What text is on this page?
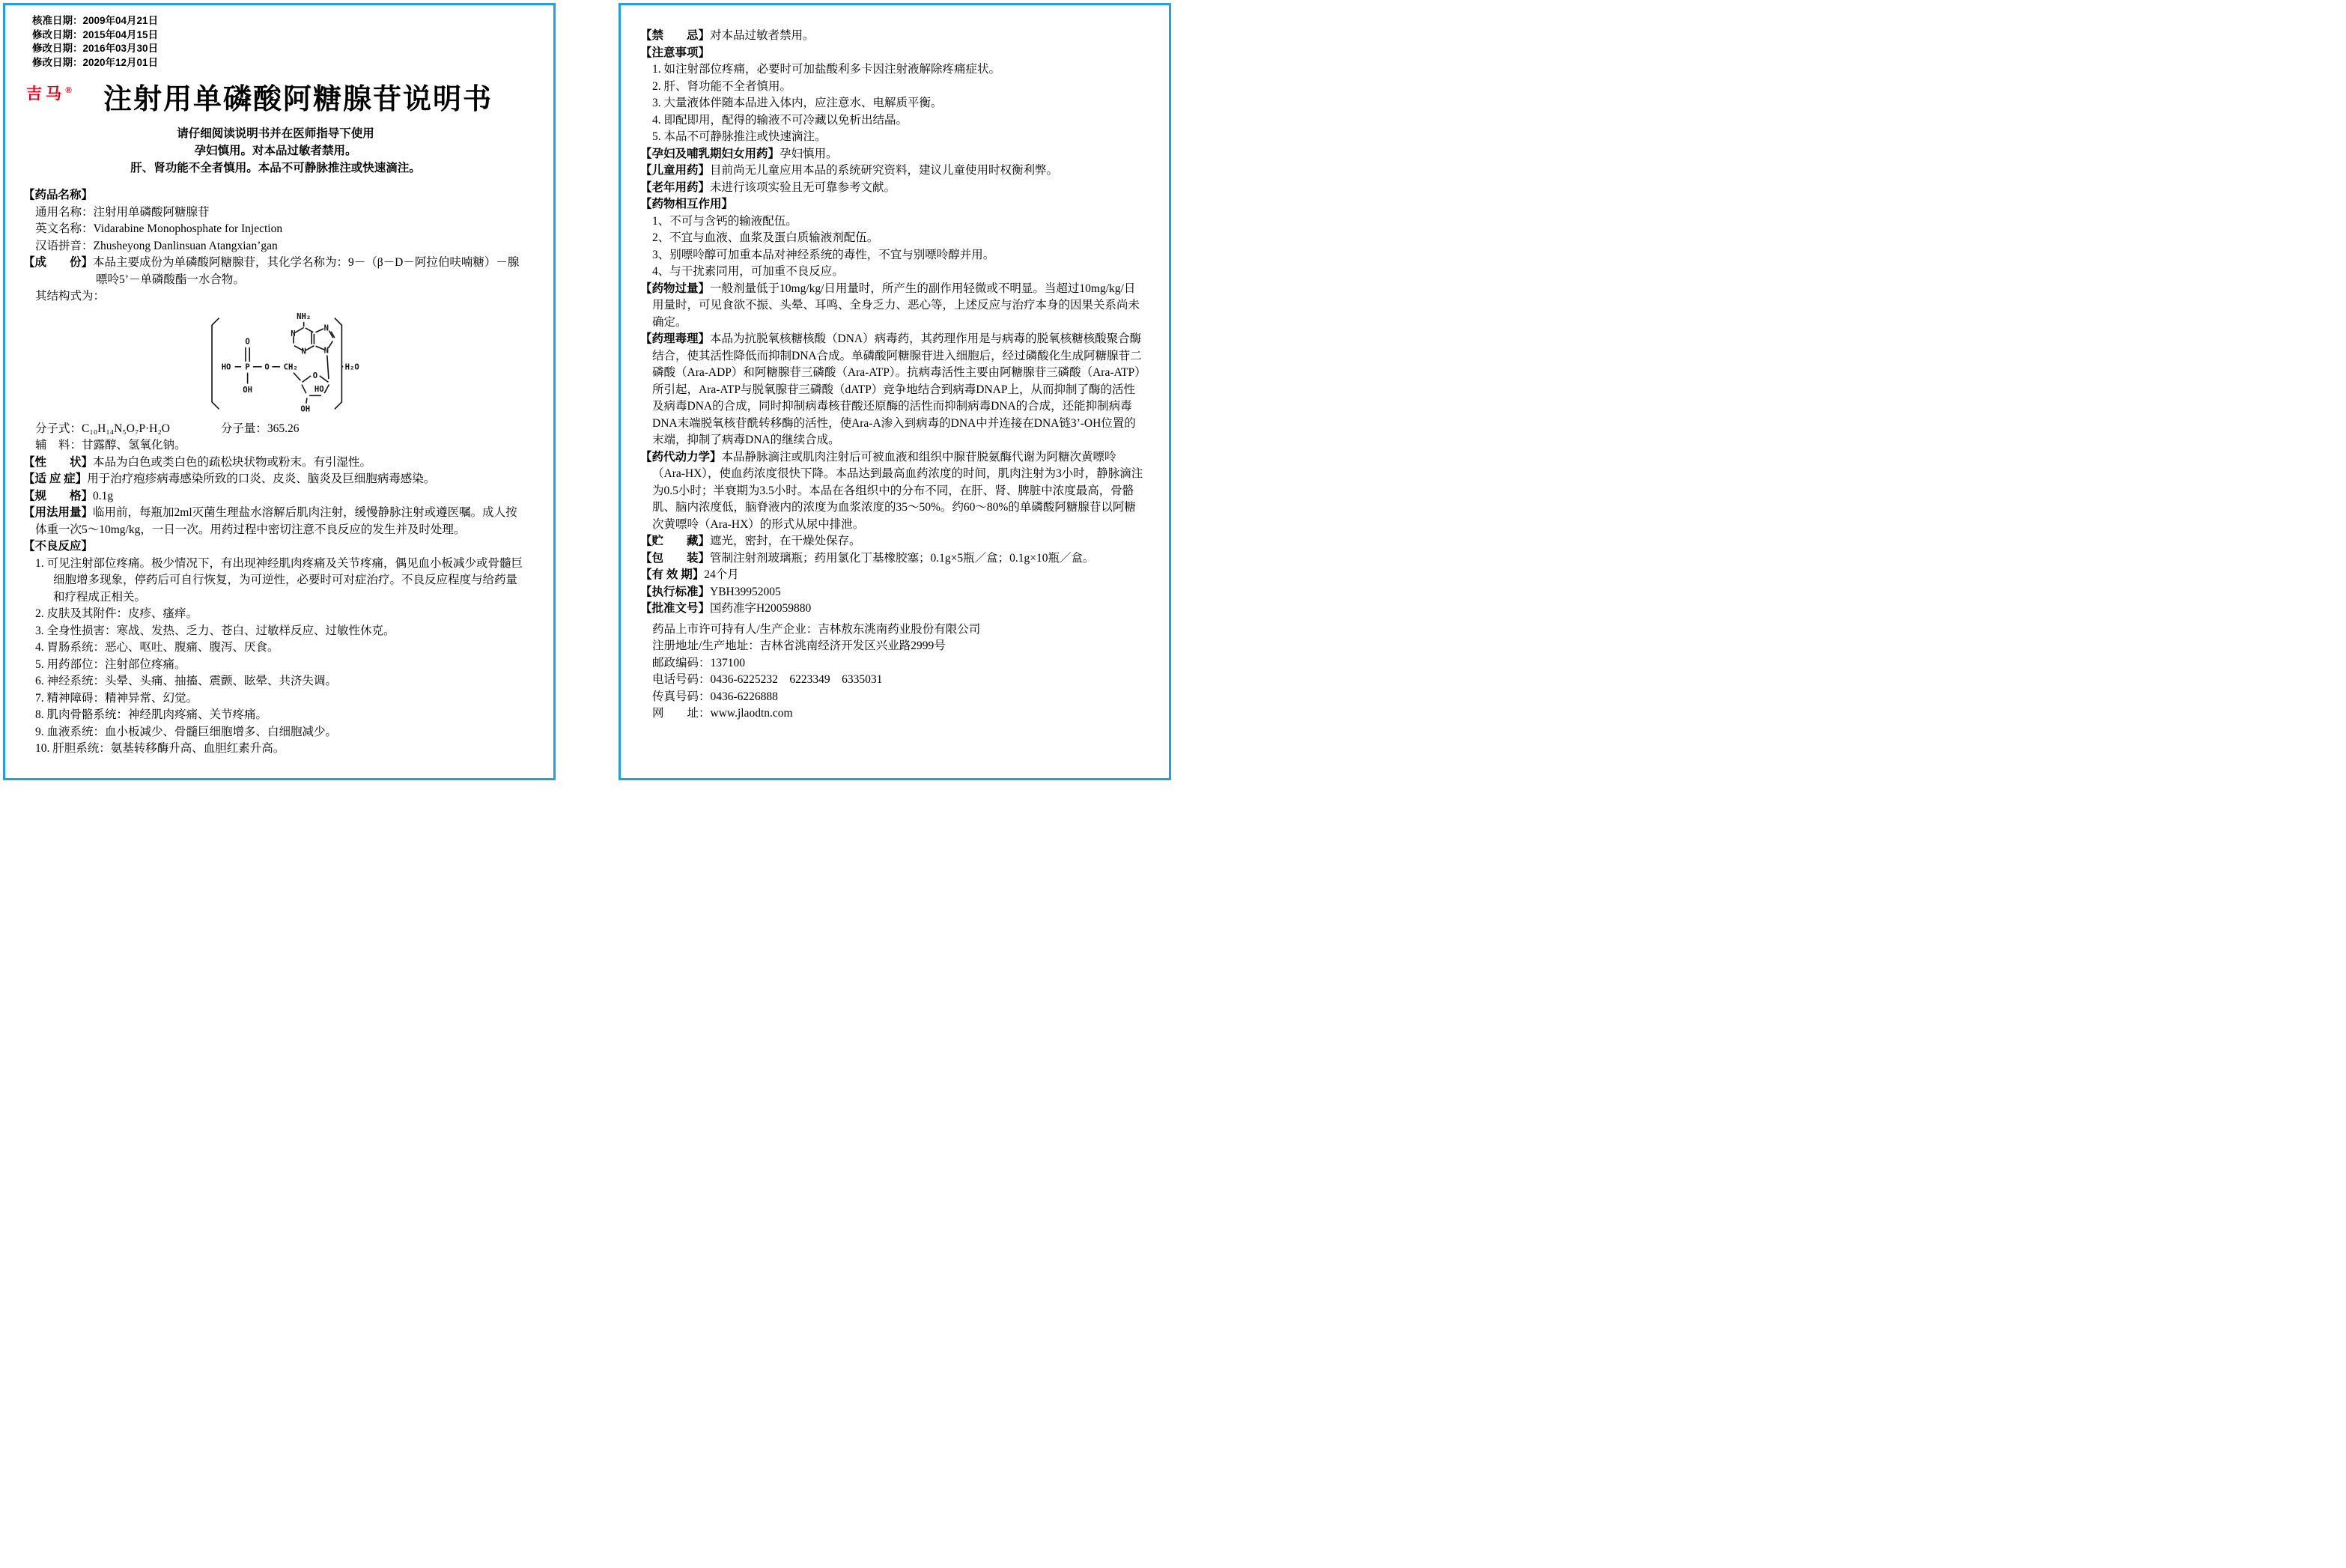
核准日期：2009年04月21日

修改日期：2015年04月15日

修改日期：2016年03月30日

修改日期：2020年12月01日

吉马®	注射用单磷酸阿糖腺苷说明书

请仔细阅读说明书并在医师指导下使用

孕妇慎用。对本品过敏者禁用。

肝、肾功能不全者慎用。本品不可静脉推注或快速滴注。

【药品名称】

通用名称：注射用单磷酸阿糖腺苷

英文名称：Vidarabine Monophosphate for Injection

汉语拼音：Zhusheyong Danlinsuan Atangxian’gan

【成　　份】本品主要成份为单磷酸阿糖腺苷，其化学名称为：9－（β－D－阿拉伯呋喃糖）－腺嘌呤5’－单磷酸酯一水合物。

其结构式为：

O
HO P O CH₂
OH
NH₂
N
N
N
N
O
HO
OH
·H₂O

分子式：C₁₀H₁₄N₅O₇P·H₂O	分子量：365.26

辅　料：甘露醇、氢氧化钠。

【性　　状】本品为白色或类白色的疏松块状物或粉末。有引湿性。

【适 应 症】用于治疗疱疹病毒感染所致的口炎、皮炎、脑炎及巨细胞病毒感染。

【规　　格】0.1g

【用法用量】临用前，每瓶加2ml灭菌生理盐水溶解后肌肉注射，缓慢静脉注射或遵医嘱。成人按体重一次5～10mg/kg，一日一次。用药过程中密切注意不良反应的发生并及时处理。

【不良反应】

1. 可见注射部位疼痛。极少情况下，有出现神经肌肉疼痛及关节疼痛，偶见血小板减少或骨髓巨细胞增多现象，停药后可自行恢复，为可逆性，必要时可对症治疗。不良反应程度与给药量和疗程成正相关。

2. 皮肤及其附件：皮疹、瘙痒。

3. 全身性损害：寒战、发热、乏力、苍白、过敏样反应、过敏性休克。

4. 胃肠系统：恶心、呕吐、腹痛、腹泻、厌食。

5. 用药部位：注射部位疼痛。

6. 神经系统：头晕、头痛、抽搐、震颤、眩晕、共济失调。

7. 精神障碍：精神异常、幻觉。

8. 肌肉骨骼系统：神经肌肉疼痛、关节疼痛。

9. 血液系统：血小板减少、骨髓巨细胞增多、白细胞减少。

10. 肝胆系统：氨基转移酶升高、血胆红素升高。

【禁　　忌】对本品过敏者禁用。

【注意事项】

1. 如注射部位疼痛，必要时可加盐酸利多卡因注射液解除疼痛症状。

2. 肝、肾功能不全者慎用。

3. 大量液体伴随本品进入体内，应注意水、电解质平衡。

4. 即配即用，配得的输液不可冷藏以免析出结晶。

5. 本品不可静脉推注或快速滴注。

【孕妇及哺乳期妇女用药】孕妇慎用。

【儿童用药】目前尚无儿童应用本品的系统研究资料，建议儿童使用时权衡利弊。

【老年用药】未进行该项实验且无可靠参考文献。

【药物相互作用】

1、不可与含钙的输液配伍。

2、不宜与血液、血浆及蛋白质输液剂配伍。

3、别嘌呤醇可加重本品对神经系统的毒性，不宜与别嘌呤醇并用。

4、与干扰素同用，可加重不良反应。

【药物过量】一般剂量低于10mg/kg/日用量时，所产生的副作用轻微或不明显。当超过10mg/kg/日用量时，可见食欲不振、头晕、耳鸣、全身乏力、恶心等，上述反应与治疗本身的因果关系尚未确定。

【药理毒理】本品为抗脱氧核糖核酸（DNA）病毒药，其药理作用是与病毒的脱氧核糖核酸聚合酶结合，使其活性降低而抑制DNA合成。单磷酸阿糖腺苷进入细胞后，经过磷酸化生成阿糖腺苷二磷酸（Ara-ADP）和阿糖腺苷三磷酸（Ara-ATP）。抗病毒活性主要由阿糖腺苷三磷酸（Ara-ATP）所引起，Ara-ATP与脱氧腺苷三磷酸（dATP）竞争地结合到病毒DNAP上，从而抑制了酶的活性及病毒DNA的合成，同时抑制病毒核苷酸还原酶的活性而抑制病毒DNA的合成，还能抑制病毒DNA末端脱氧核苷酰转移酶的活性，使Ara-A渗入到病毒的DNA中并连接在DNA链3’-OH位置的末端，抑制了病毒DNA的继续合成。

【药代动力学】本品静脉滴注或肌肉注射后可被血液和组织中腺苷脱氨酶代谢为阿糖次黄嘌呤（Ara-HX），使血药浓度很快下降。本品达到最高血药浓度的时间，肌肉注射为3小时，静脉滴注为0.5小时；半衰期为3.5小时。本品在各组织中的分布不同，在肝、肾、脾脏中浓度最高，骨骼肌、脑内浓度低，脑脊液内的浓度为血浆浓度的35～50%。约60～80%的单磷酸阿糖腺苷以阿糖次黄嘌呤（Ara-HX）的形式从尿中排泄。

【贮　　藏】遮光，密封，在干燥处保存。

【包　　装】管制注射剂玻璃瓶；药用氯化丁基橡胶塞；0.1g×5瓶／盒；0.1g×10瓶／盒。

【有 效 期】24个月

【执行标准】YBH39952005

【批准文号】国药准字H20059880

药品上市许可持有人/生产企业：吉林敖东洮南药业股份有限公司

注册地址/生产地址：吉林省洮南经济开发区兴业路2999号

邮政编码：137100

电话号码：0436-6225232　6223349　6335031

传真号码：0436-6226888

网　　址：www.jlaodtn.com
